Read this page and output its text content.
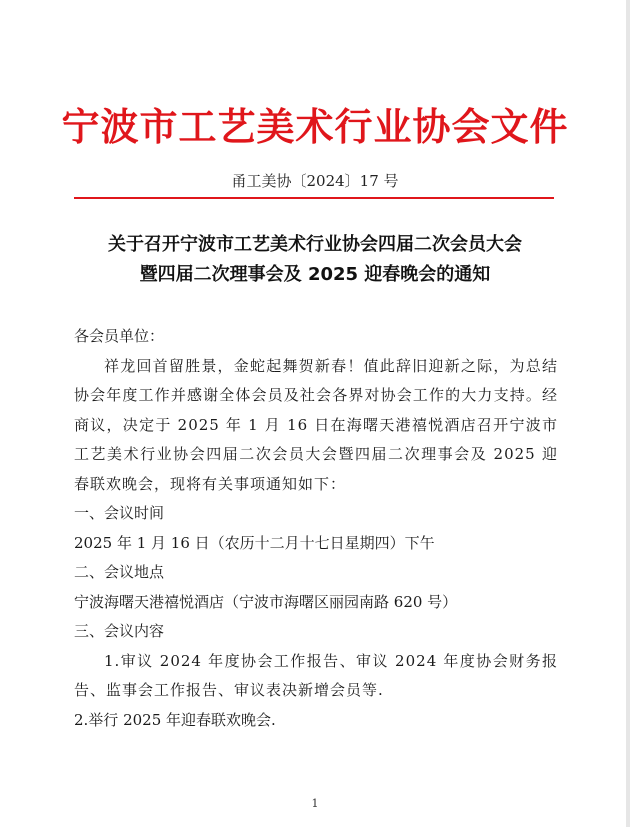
宁波市工艺美术行业协会文件
甬工美协〔2024〕17 号
关于召开宁波市工艺美术行业协会四届二次会员大会
暨四届二次理事会及 2025 迎春晚会的通知

各会员单位：

祥龙回首留胜景，金蛇起舞贺新春！值此辞旧迎新之际，为总结协会年度工作并感谢全体会员及社会各界对协会工作的大力支持。经商议，决定于 2025 年 1 月 16 日在海曙天港禧悦酒店召开宁波市工艺美术行业协会四届二次会员大会暨四届二次理事会及 2025 迎春联欢晚会，现将有关事项通知如下：

一、会议时间

2025 年 1 月 16 日（农历十二月十七日星期四）下午

二、会议地点

宁波海曙天港禧悦酒店（宁波市海曙区丽园南路 620 号）

三、会议内容

1.审议 2024 年度协会工作报告、审议 2024 年度协会财务报告、监事会工作报告、审议表决新增会员等.

2.举行 2025 年迎春联欢晚会.

1
